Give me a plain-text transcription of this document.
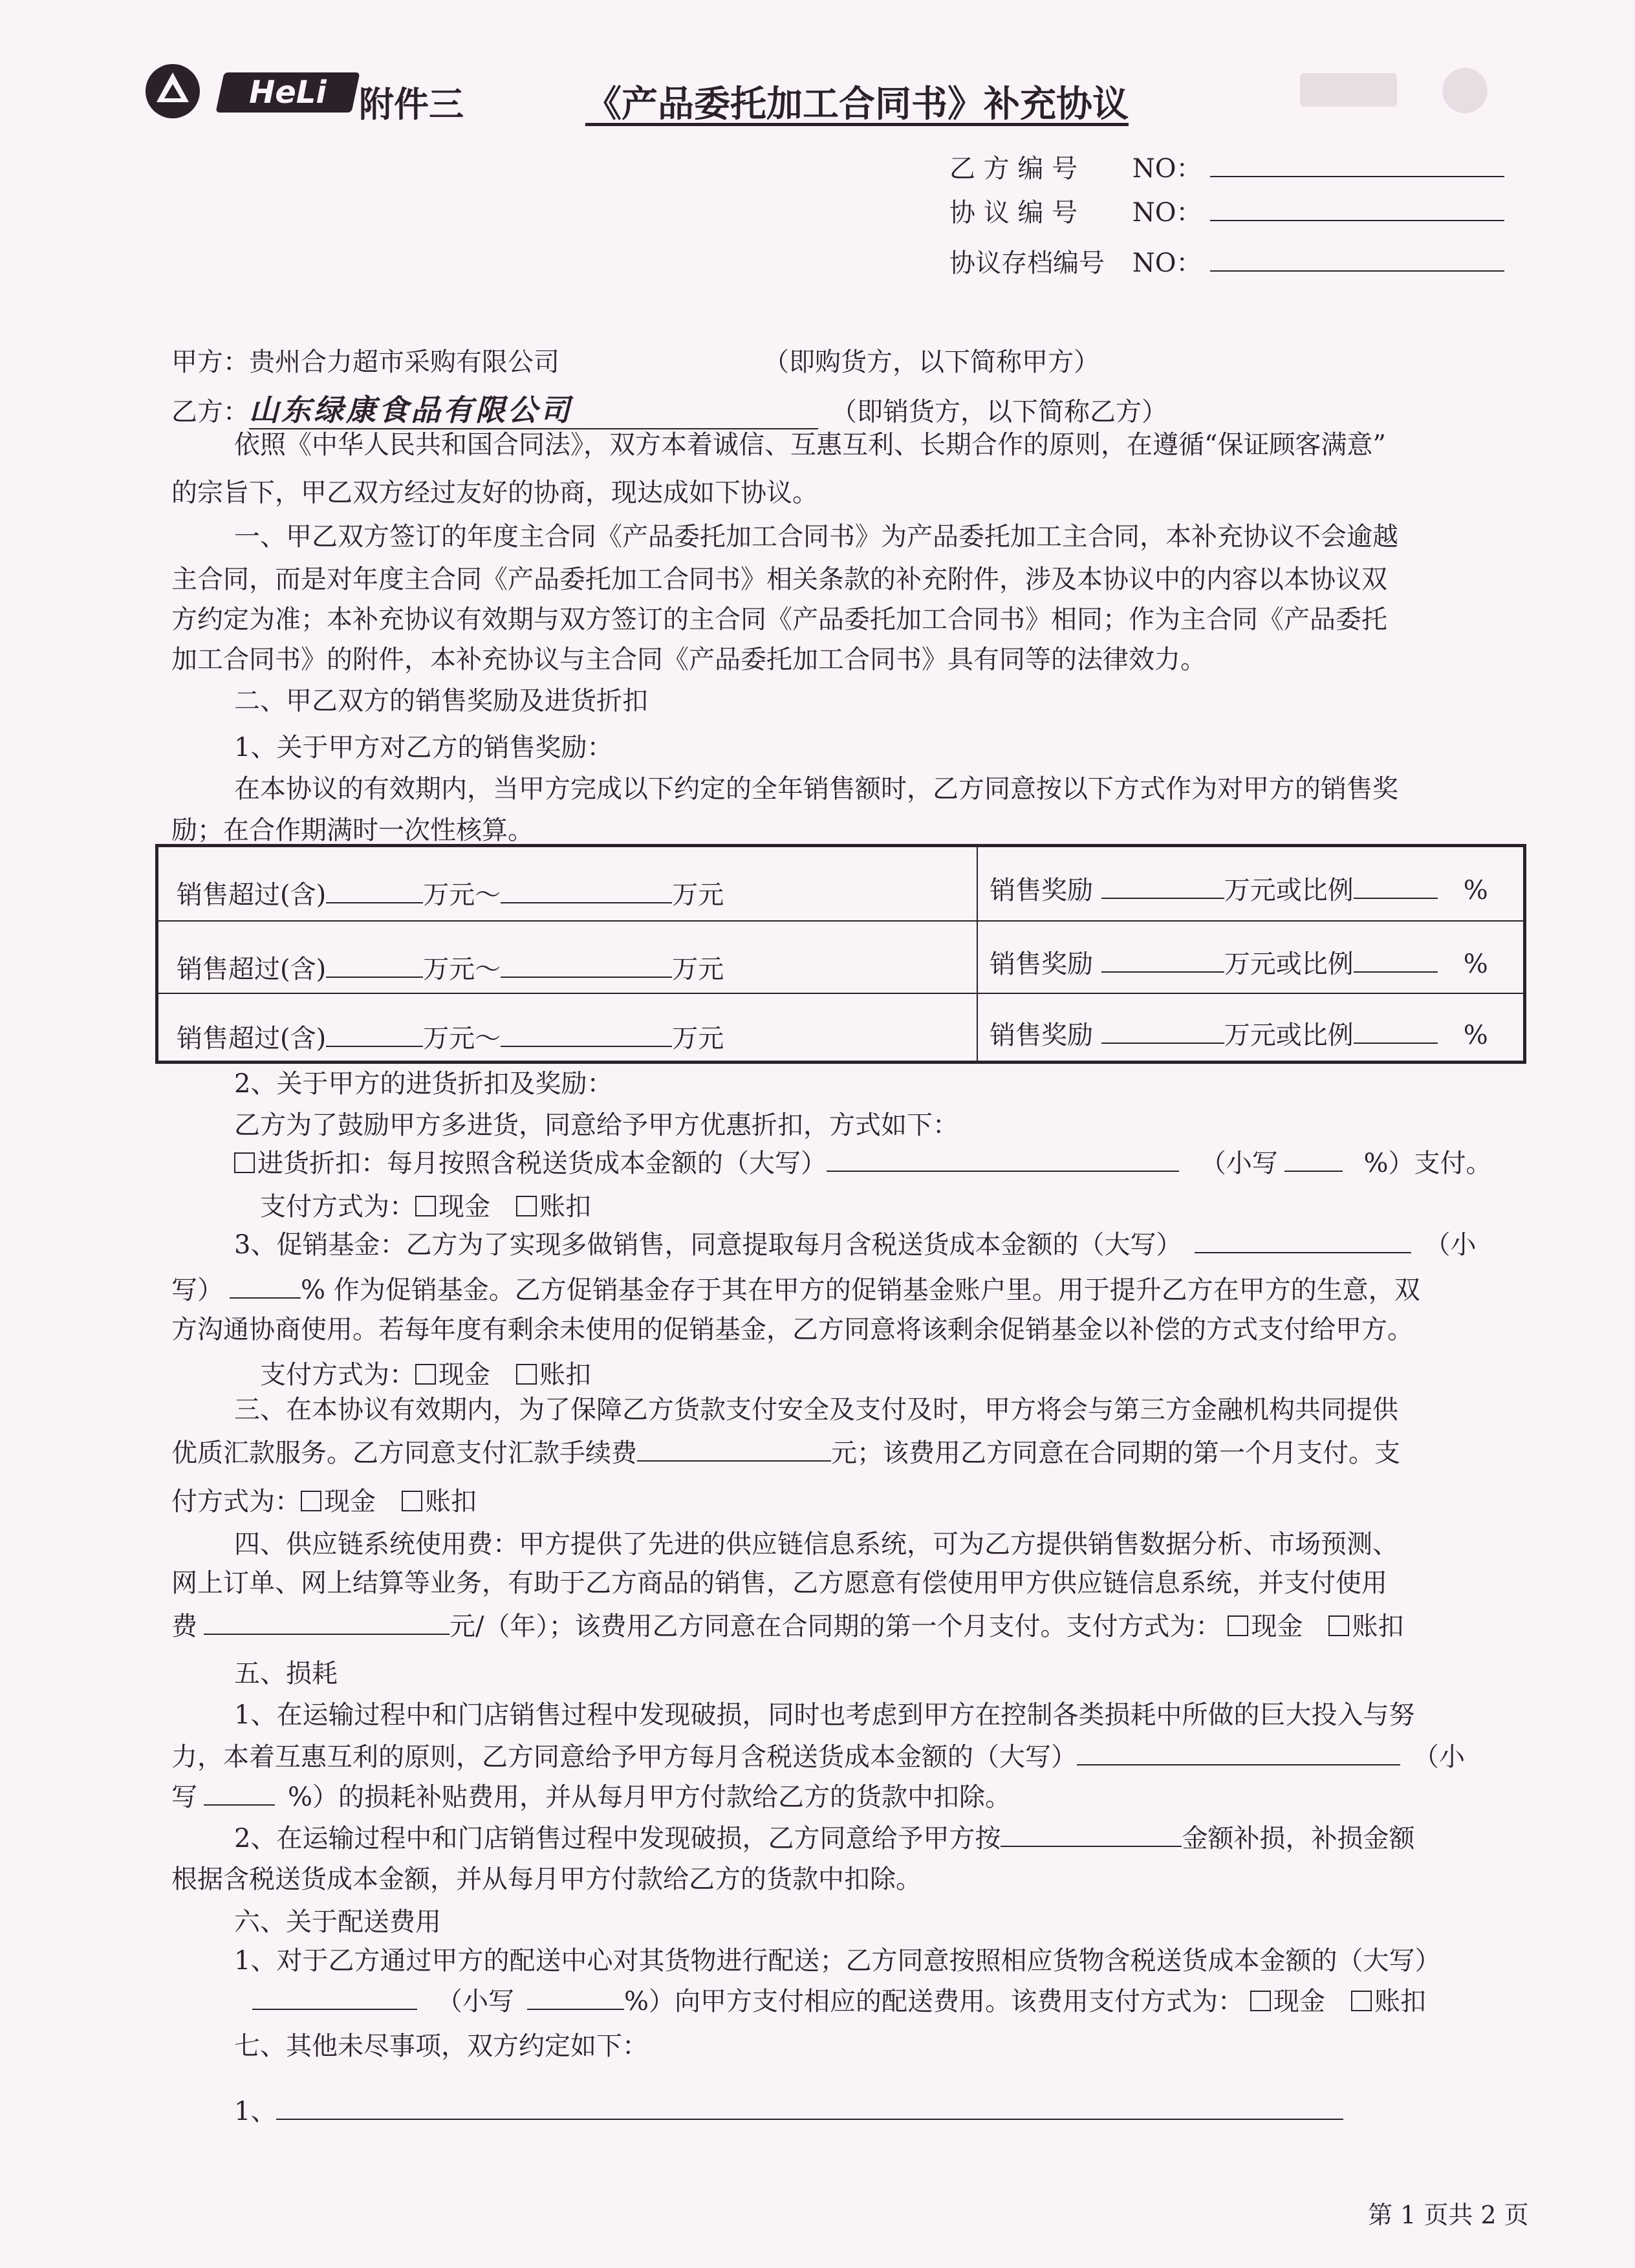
HeLi 附件三	《产品委托加工合同书》补充协议
乙 方 编 号 NO：
协 议 编 号 NO：
协议存档编号 NO：
甲方：贵州合力超市采购有限公司	（即购货方，以下简称甲方）
乙方：山东绿康食品有限公司	（即销货方，以下简称乙方）
依照《中华人民共和国合同法》，双方本着诚信、互惠互利、长期合作的原则，在遵循“保证顾客满意”
的宗旨下，甲乙双方经过友好的协商，现达成如下协议。
一、甲乙双方签订的年度主合同《产品委托加工合同书》为产品委托加工主合同，本补充协议不会逾越
主合同，而是对年度主合同《产品委托加工合同书》相关条款的补充附件，涉及本协议中的内容以本协议双
方约定为准；本补充协议有效期与双方签订的主合同《产品委托加工合同书》相同；作为主合同《产品委托
加工合同书》的附件，本补充协议与主合同《产品委托加工合同书》具有同等的法律效力。
二、甲乙双方的销售奖励及进货折扣
1、关于甲方对乙方的销售奖励：
在本协议的有效期内，当甲方完成以下约定的全年销售额时，乙方同意按以下方式作为对甲方的销售奖
励；在合作期满时一次性核算。
销售超过(含)	万元～	万元	销售奖励	万元或比例	%
销售超过(含)	万元～	万元	销售奖励	万元或比例	%
销售超过(含)	万元～	万元	销售奖励	万元或比例	%
2、关于甲方的进货折扣及奖励：
乙方为了鼓励甲方多进货，同意给予甲方优惠折扣，方式如下：
进货折扣：每月按照含税送货成本金额的（大写）	（小写	%）支付。
支付方式为： 现金 账扣
3、促销基金：乙方为了实现多做销售，同意提取每月含税送货成本金额的（大写）	（小
写）	% 作为促销基金。乙方促销基金存于其在甲方的促销基金账户里。用于提升乙方在甲方的生意，双
方沟通协商使用。若每年度有剩余未使用的促销基金，乙方同意将该剩余促销基金以补偿的方式支付给甲方。
支付方式为： 现金 账扣
三、在本协议有效期内，为了保障乙方货款支付安全及支付及时，甲方将会与第三方金融机构共同提供
优质汇款服务。乙方同意支付汇款手续费	元；该费用乙方同意在合同期的第一个月支付。支
付方式为： 现金 账扣
四、供应链系统使用费：甲方提供了先进的供应链信息系统，可为乙方提供销售数据分析、市场预测、
网上订单、网上结算等业务，有助于乙方商品的销售，乙方愿意有偿使用甲方供应链信息系统，并支付使用
费	元/（年）；该费用乙方同意在合同期的第一个月支付。支付方式为： 现金 账扣
五、损耗
1、在运输过程中和门店销售过程中发现破损，同时也考虑到甲方在控制各类损耗中所做的巨大投入与努
力，本着互惠互利的原则，乙方同意给予甲方每月含税送货成本金额的（大写）	（小
写	%）的损耗补贴费用，并从每月甲方付款给乙方的货款中扣除。
2、在运输过程中和门店销售过程中发现破损，乙方同意给予甲方按	金额补损，补损金额
根据含税送货成本金额，并从每月甲方付款给乙方的货款中扣除。
六、关于配送费用
1、对于乙方通过甲方的配送中心对其货物进行配送；乙方同意按照相应货物含税送货成本金额的（大写）
（小写	%）向甲方支付相应的配送费用。该费用支付方式为： 现金 账扣
七、其他未尽事项，双方约定如下：
1、
第 1 页共 2 页
